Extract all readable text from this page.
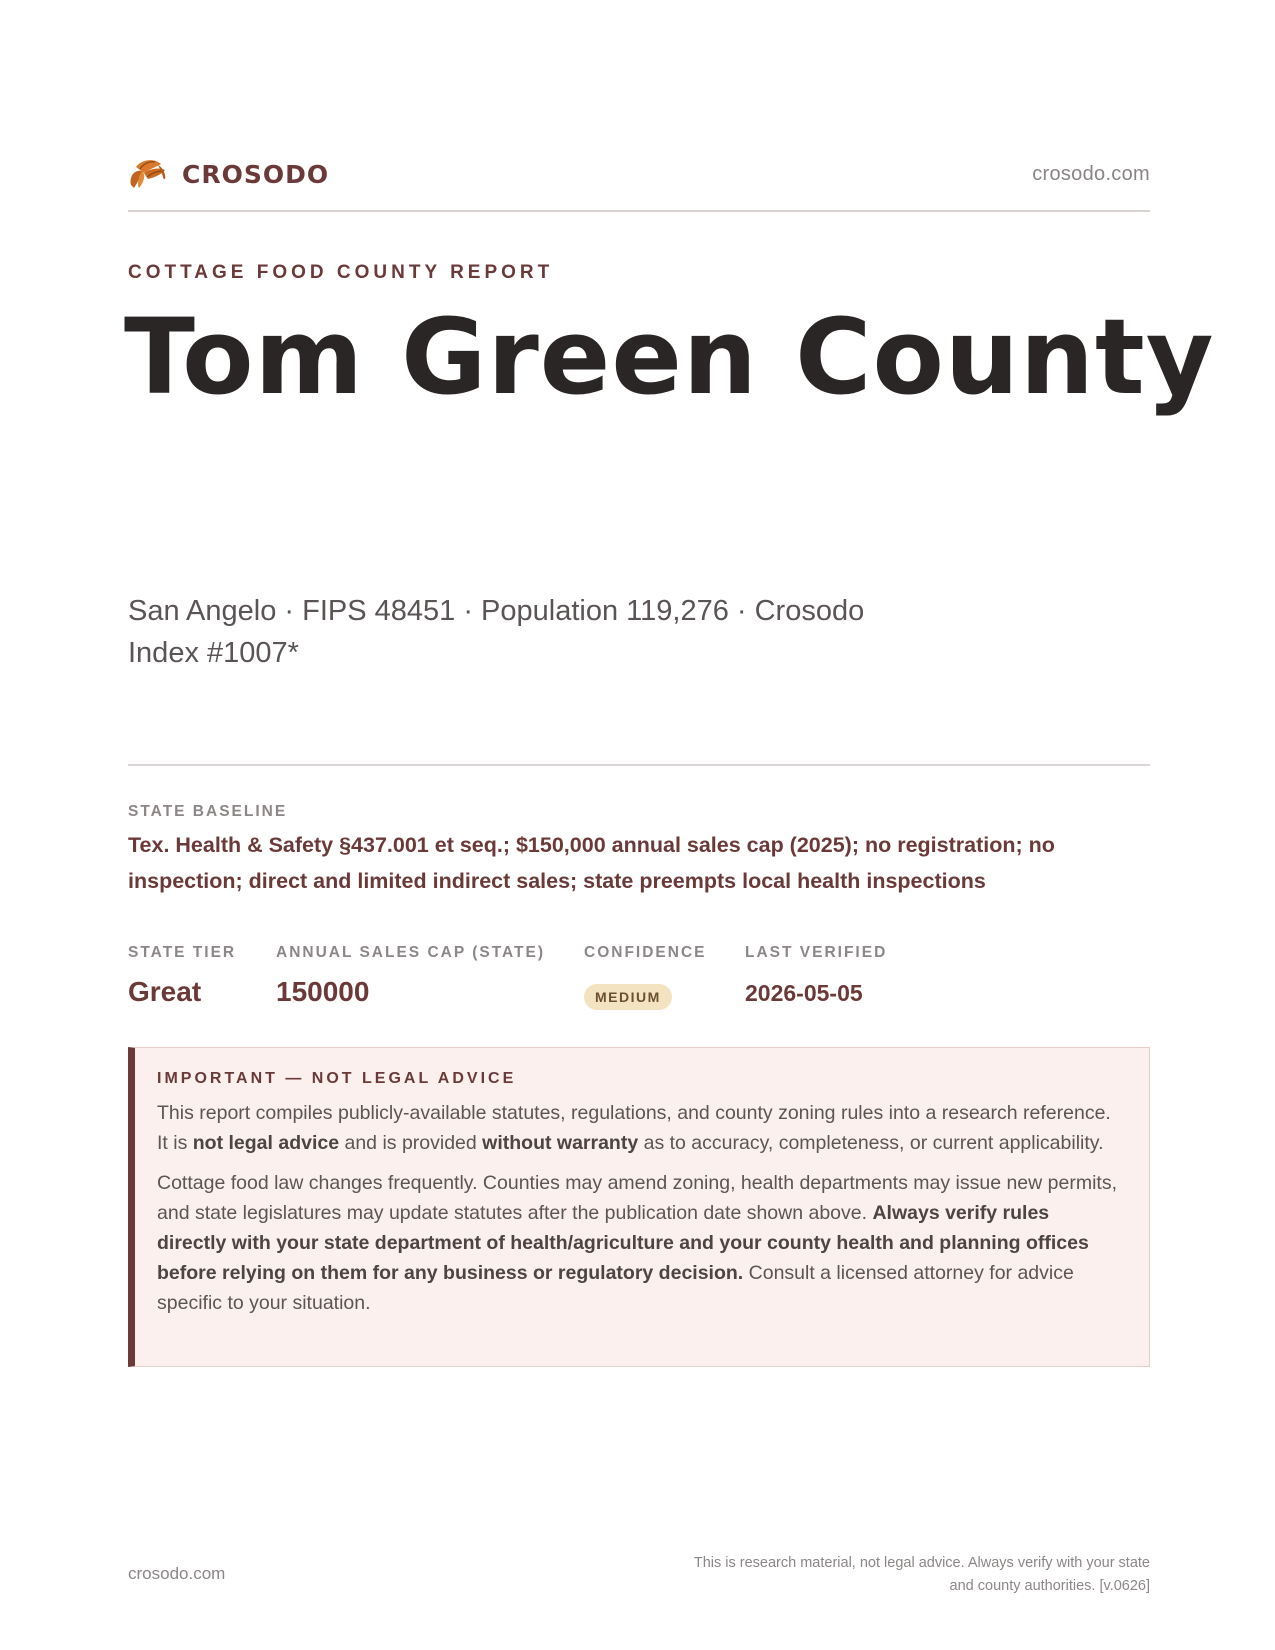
CROSODO	crosodo.com
COTTAGE FOOD COUNTY REPORT
Tom Green County
San Angelo · FIPS 48451 · Population 119,276 · Crosodo Index #1007*
STATE BASELINE
Tex. Health & Safety §437.001 et seq.; $150,000 annual sales cap (2025); no registration; no inspection; direct and limited indirect sales; state preempts local health inspections
STATE TIER
Great
ANNUAL SALES CAP (STATE)
150000
CONFIDENCE
MEDIUM
LAST VERIFIED
2026-05-05
IMPORTANT — NOT LEGAL ADVICE

This report compiles publicly-available statutes, regulations, and county zoning rules into a research reference. It is not legal advice and is provided without warranty as to accuracy, completeness, or current applicability.

Cottage food law changes frequently. Counties may amend zoning, health departments may issue new permits, and state legislatures may update statutes after the publication date shown above. Always verify rules directly with your state department of health/agriculture and your county health and planning offices before relying on them for any business or regulatory decision. Consult a licensed attorney for advice specific to your situation.

crosodo.com
This is research material, not legal advice. Always verify with your state
and county authorities. [v.0626]
